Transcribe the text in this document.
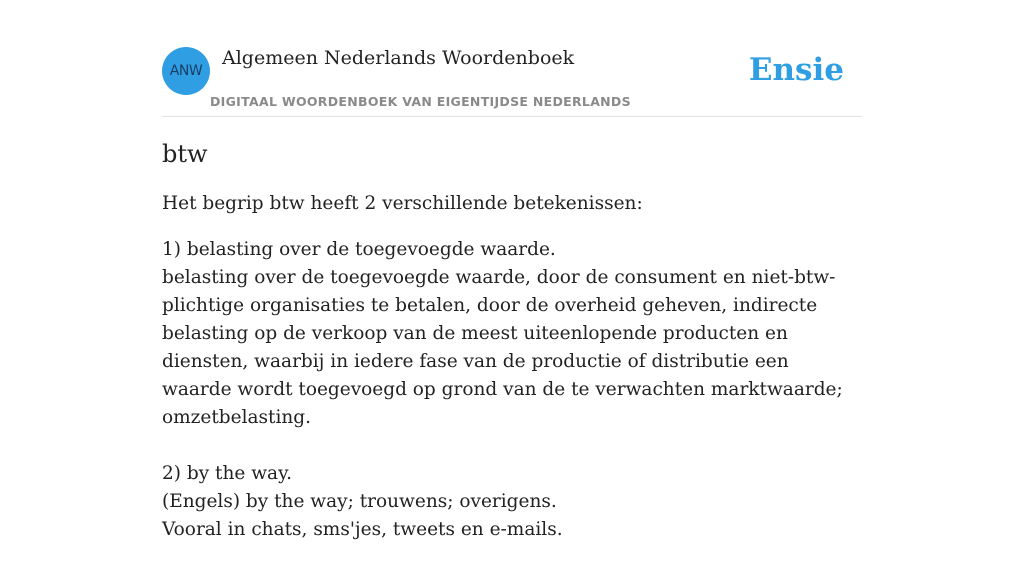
ANW
Algemeen Nederlands Woordenboek
DIGITAAL WOORDENBOEK VAN EIGENTIJDSE NEDERLANDS
Ensie
btw

Het begrip btw heeft 2 verschillende betekenissen:

1) belasting over de toegevoegde waarde.

belasting over de toegevoegde waarde, door de consument en niet-btw-plichtige organisaties te betalen, door de overheid geheven, indirecte belasting op de verkoop van de meest uiteenlopende producten en diensten, waarbij in iedere fase van de productie of distributie een waarde wordt toegevoegd op grond van de te verwachten marktwaarde; omzetbelasting.

2) by the way.

(Engels) by the way; trouwens; overigens.

Vooral in chats, sms'jes, tweets en e-mails.
